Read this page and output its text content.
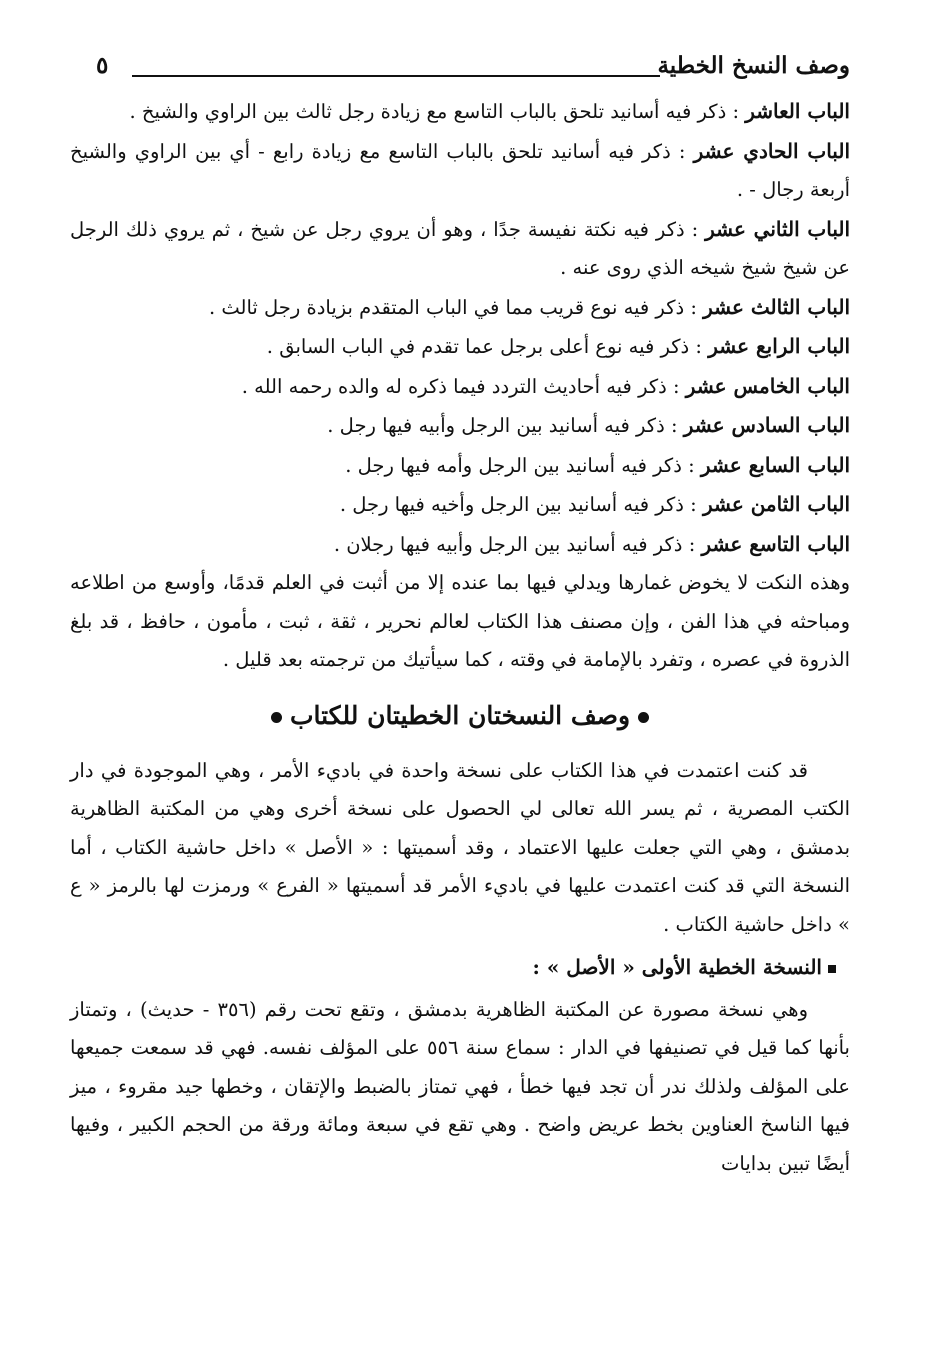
وصف النسخ الخطية
٥

الباب العاشر : ذكر فيه أسانيد تلحق بالباب التاسع مع زيادة رجل ثالث بين الراوي والشيخ .

الباب الحادي عشر : ذكر فيه أسانيد تلحق بالباب التاسع مع زيادة رابع - أي بين الراوي والشيخ أربعة رجال - .

الباب الثاني عشر : ذكر فيه نكتة نفيسة جدًا ، وهو أن يروي رجل عن شيخ ، ثم يروي ذلك الرجل عن شيخ شيخ شيخه الذي روى عنه .

الباب الثالث عشر : ذكر فيه نوع قريب مما في الباب المتقدم بزيادة رجل ثالث .

الباب الرابع عشر : ذكر فيه نوع أعلى برجل عما تقدم في الباب السابق .

الباب الخامس عشر : ذكر فيه أحاديث التردد فيما ذكره له والده رحمه الله .

الباب السادس عشر : ذكر فيه أسانيد بين الرجل وأبيه فيها رجل .

الباب السابع عشر : ذكر فيه أسانيد بين الرجل وأمه فيها رجل .

الباب الثامن عشر : ذكر فيه أسانيد بين الرجل وأخيه فيها رجل .

الباب التاسع عشر : ذكر فيه أسانيد بين الرجل وأبيه فيها رجلان .

وهذه النكت لا يخوض غمارها ويدلي فيها بما عنده إلا من أثبت في العلم قدمًا، وأوسع من اطلاعه ومباحثه في هذا الفن ، وإن مصنف هذا الكتاب لعالم نحرير ، ثقة ، ثبت ، مأمون ، حافظ ، قد بلغ الذروة في عصره ، وتفرد بالإمامة في وقته ، كما سيأتيك من ترجمته بعد قليل .

وصف النسختان الخطيتان للكتاب

قد كنت اعتمدت في هذا الكتاب على نسخة واحدة في باديء الأمر ، وهي الموجودة في دار الكتب المصرية ، ثم يسر الله تعالى لي الحصول على نسخة أخرى وهي من المكتبة الظاهرية بدمشق ، وهي التي جعلت عليها الاعتماد ، وقد أسميتها : « الأصل » داخل حاشية الكتاب ، أما النسخة التي قد كنت اعتمدت عليها في باديء الأمر قد أسميتها « الفرع » ورمزت لها بالرمز « ع » داخل حاشية الكتاب .

النسخة الخطية الأولى « الأصل » :

وهي نسخة مصورة عن المكتبة الظاهرية بدمشق ، وتقع تحت رقم (٣٥٦ - حديث) ، وتمتاز بأنها كما قيل في تصنيفها في الدار : سماع سنة ٥٥٦ على المؤلف نفسه. فهي قد سمعت جميعها على المؤلف ولذلك ندر أن تجد فيها خطأ ، فهي تمتاز بالضبط والإتقان ، وخطها جيد مقروء ، ميز فيها الناسخ العناوين بخط عريض واضح . وهي تقع في سبعة ومائة ورقة من الحجم الكبير ، وفيها أيضًا تبين بدايات
